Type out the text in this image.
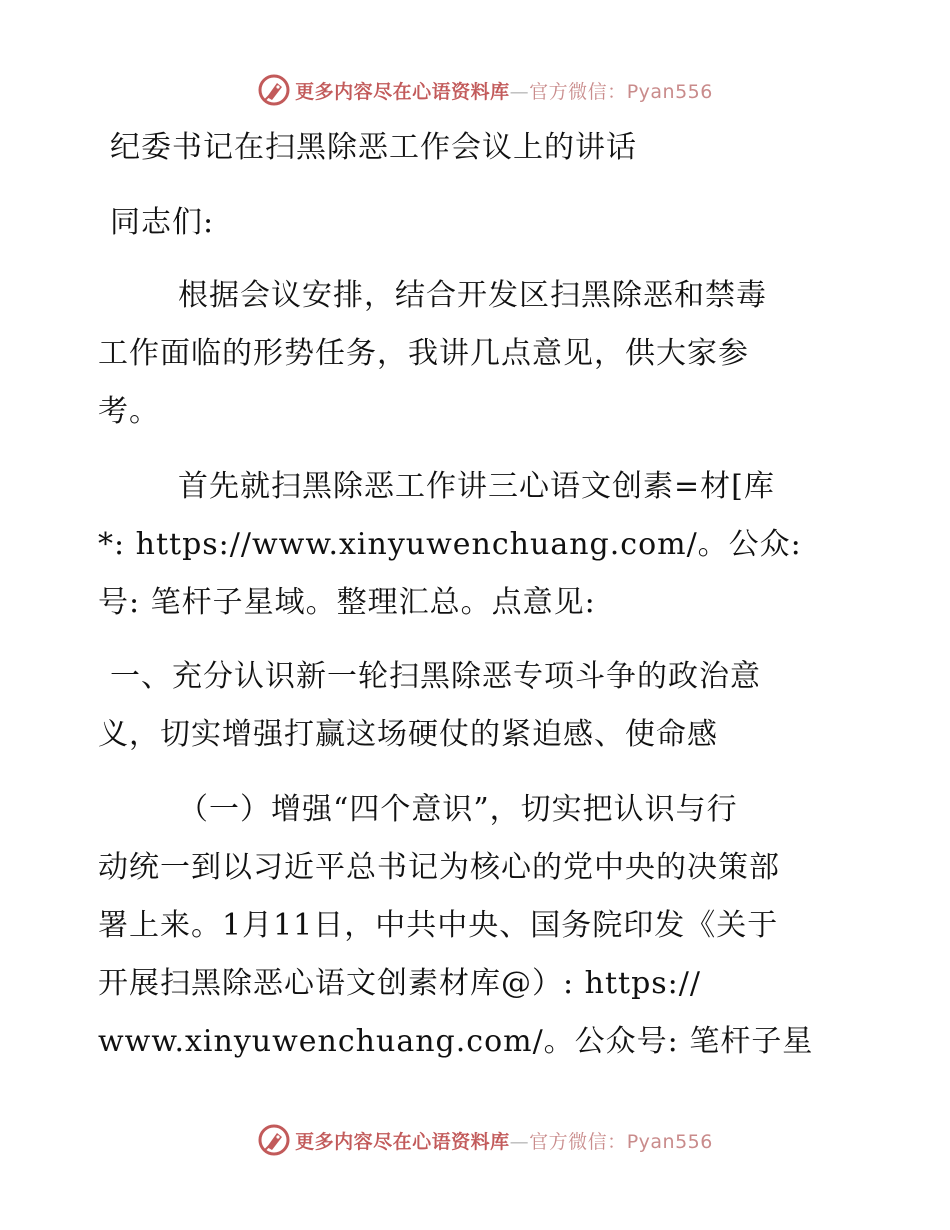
更多内容尽在心语资料库—官方微信：Pyan556
纪委书记在扫黑除恶工作会议上的讲话
同志们:
根据会议安排，结合开发区扫黑除恶和禁毒
工作面临的形势任务，我讲几点意见，供大家参
考。
首先就扫黑除恶工作讲三心语文创素=材[库
*: https://www.xinyuwenchuang.com/。公众:
号: 笔杆子星域。整理汇总。点意见:
一、充分认识新一轮扫黑除恶专项斗争的政治意
义，切实增强打赢这场硬仗的紧迫感、使命感
（一）增强“四个意识”，切实把认识与行
动统一到以习近平总书记为核心的党中央的决策部
署上来。1月11日，中共中央、国务院印发《关于
开展扫黑除恶心语文创素材库@）: https://
www.xinyuwenchuang.com/。公众号: 笔杆子星
更多内容尽在心语资料库—官方微信：Pyan556
